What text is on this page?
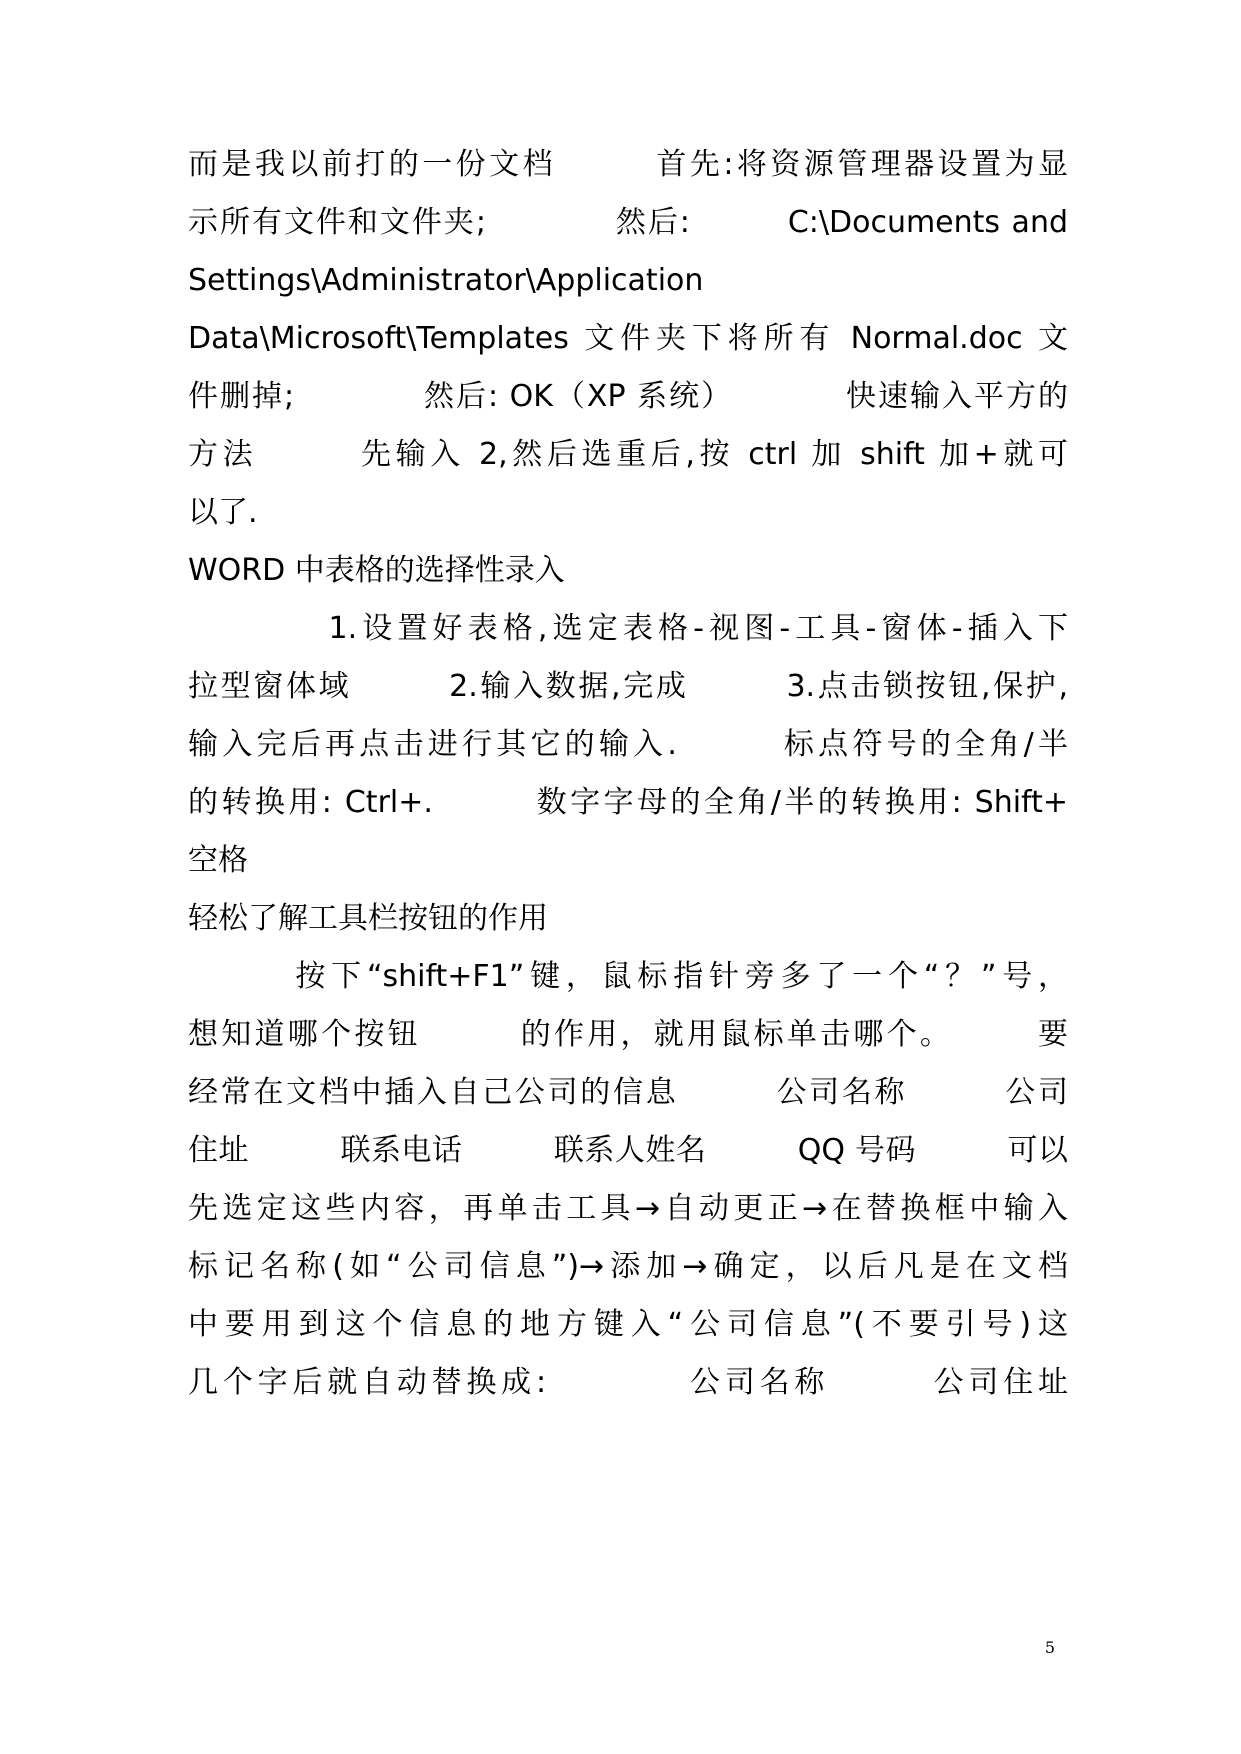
而是我以前打的一份文档　　　首先:将资源管理器设置为显
示所有文件和文件夹;　　　　然后:　　　C:\Documents and
Settings\Administrator\Application
Data\Microsoft\Templates 文件夹下将所有 Normal.doc 文
件删掉;　　　　然后: OK（XP 系统）　　　　快速输入平方的
方法　　　先输入 2,然后选重后,按 ctrl 加 shift 加+就可
以了.
WORD 中表格的选择性录入
　　　　1.设置好表格,选定表格-视图-工具-窗体-插入下
拉型窗体域　　　2.输入数据,完成　　　3.点击锁按钮,保护,
输入完后再点击进行其它的输入.　　　标点符号的全角/半
的转换用: Ctrl+.　　　数字字母的全角/半的转换用: Shift+
空格
轻松了解工具栏按钮的作用
　　　按下“shift+F1”键，鼠标指针旁多了一个“？”号，
想知道哪个按钮　　　的作用，就用鼠标单击哪个。　　　要
经常在文档中插入自己公司的信息　　　公司名称　　　公司
住址　　　联系电话　　　联系人姓名　　　QQ 号码　　　可以
先选定这些内容，再单击工具→自动更正→在替换框中输入
标记名称(如“公司信息”)→添加→确定，以后凡是在文档
中要用到这个信息的地方键入“公司信息”(不要引号)这
几个字后就自动替换成:　　　　公司名称　　　公司住址
5
